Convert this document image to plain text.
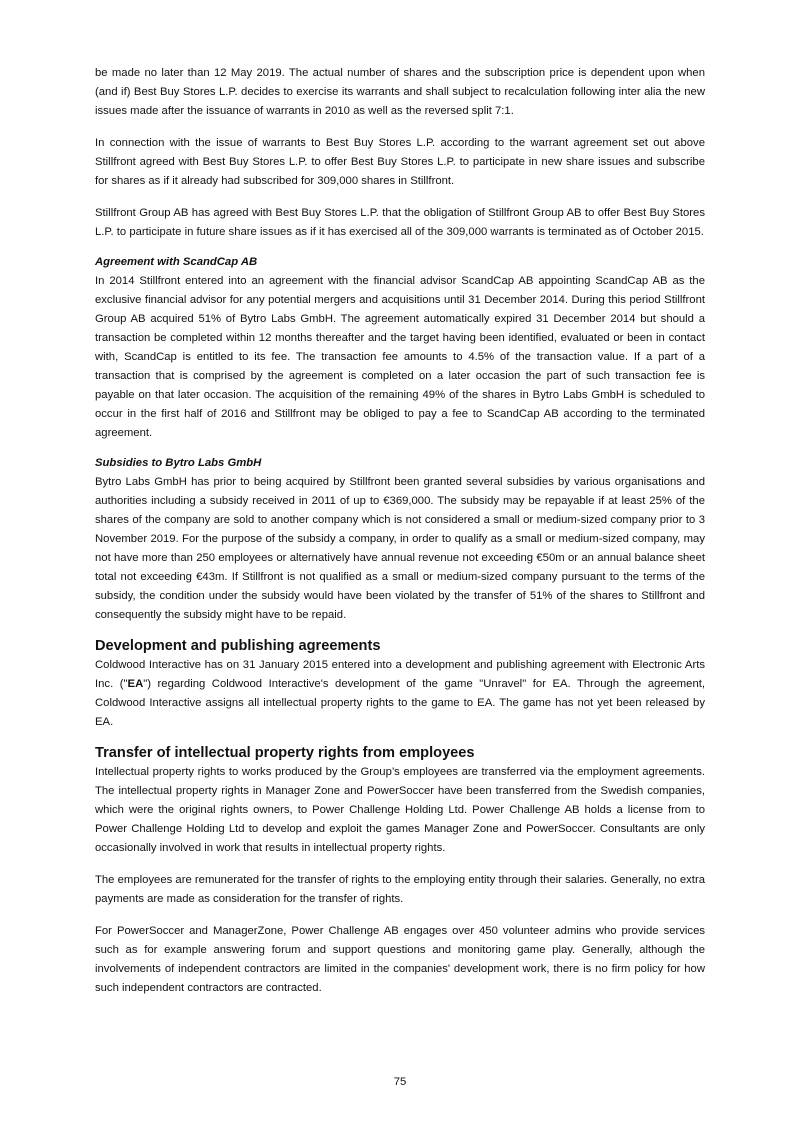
be made no later than 12 May 2019. The actual number of shares and the subscription price is dependent upon when (and if) Best Buy Stores L.P. decides to exercise its warrants and shall subject to recalculation following inter alia the new issues made after the issuance of warrants in 2010 as well as the reversed split 7:1.

In connection with the issue of warrants to Best Buy Stores L.P. according to the warrant agreement set out above Stillfront agreed with Best Buy Stores L.P. to offer Best Buy Stores L.P. to participate in new share issues and subscribe for shares as if it already had subscribed for 309,000 shares in Stillfront.

Stillfront Group AB has agreed with Best Buy Stores L.P. that the obligation of Stillfront Group AB to offer Best Buy Stores L.P. to participate in future share issues as if it has exercised all of the 309,000 warrants is terminated as of October 2015.

Agreement with ScandCap AB

In 2014 Stillfront entered into an agreement with the financial advisor ScandCap AB appointing ScandCap AB as the exclusive financial advisor for any potential mergers and acquisitions until 31 December 2014. During this period Stillfront Group AB acquired 51% of Bytro Labs GmbH. The agreement automatically expired 31 December 2014 but should a transaction be completed within 12 months thereafter and the target having been identified, evaluated or been in contact with, ScandCap is entitled to its fee. The transaction fee amounts to 4.5% of the transaction value. If a part of a transaction that is comprised by the agreement is completed on a later occasion the part of such transaction fee is payable on that later occasion. The acquisition of the remaining 49% of the shares in Bytro Labs GmbH is scheduled to occur in the first half of 2016 and Stillfront may be obliged to pay a fee to ScandCap AB according to the terminated agreement.

Subsidies to Bytro Labs GmbH

Bytro Labs GmbH has prior to being acquired by Stillfront been granted several subsidies by various organisations and authorities including a subsidy received in 2011 of up to €369,000. The subsidy may be repayable if at least 25% of the shares of the company are sold to another company which is not considered a small or medium-sized company prior to 3 November 2019. For the purpose of the subsidy a company, in order to qualify as a small or medium-sized company, may not have more than 250 employees or alternatively have annual revenue not exceeding €50m or an annual balance sheet total not exceeding €43m. If Stillfront is not qualified as a small or medium-sized company pursuant to the terms of the subsidy, the condition under the subsidy would have been violated by the transfer of 51% of the shares to Stillfront and consequently the subsidy might have to be repaid.

Development and publishing agreements

Coldwood Interactive has on 31 January 2015 entered into a development and publishing agreement with Electronic Arts Inc. ("EA") regarding Coldwood Interactive's development of the game "Unravel" for EA. Through the agreement, Coldwood Interactive assigns all intellectual property rights to the game to EA. The game has not yet been released by EA.

Transfer of intellectual property rights from employees

Intellectual property rights to works produced by the Group’s employees are transferred via the employment agreements. The intellectual property rights in Manager Zone and PowerSoccer have been transferred from the Swedish companies, which were the original rights owners, to Power Challenge Holding Ltd. Power Challenge AB holds a license from to Power Challenge Holding Ltd to develop and exploit the games Manager Zone and PowerSoccer. Consultants are only occasionally involved in work that results in intellectual property rights.

The employees are remunerated for the transfer of rights to the employing entity through their salaries. Generally, no extra payments are made as consideration for the transfer of rights.

For PowerSoccer and ManagerZone, Power Challenge AB engages over 450 volunteer admins who provide services such as for example answering forum and support questions and monitoring game play. Generally, although the involvements of independent contractors are limited in the companies' development work, there is no firm policy for how such independent contractors are contracted.

75
